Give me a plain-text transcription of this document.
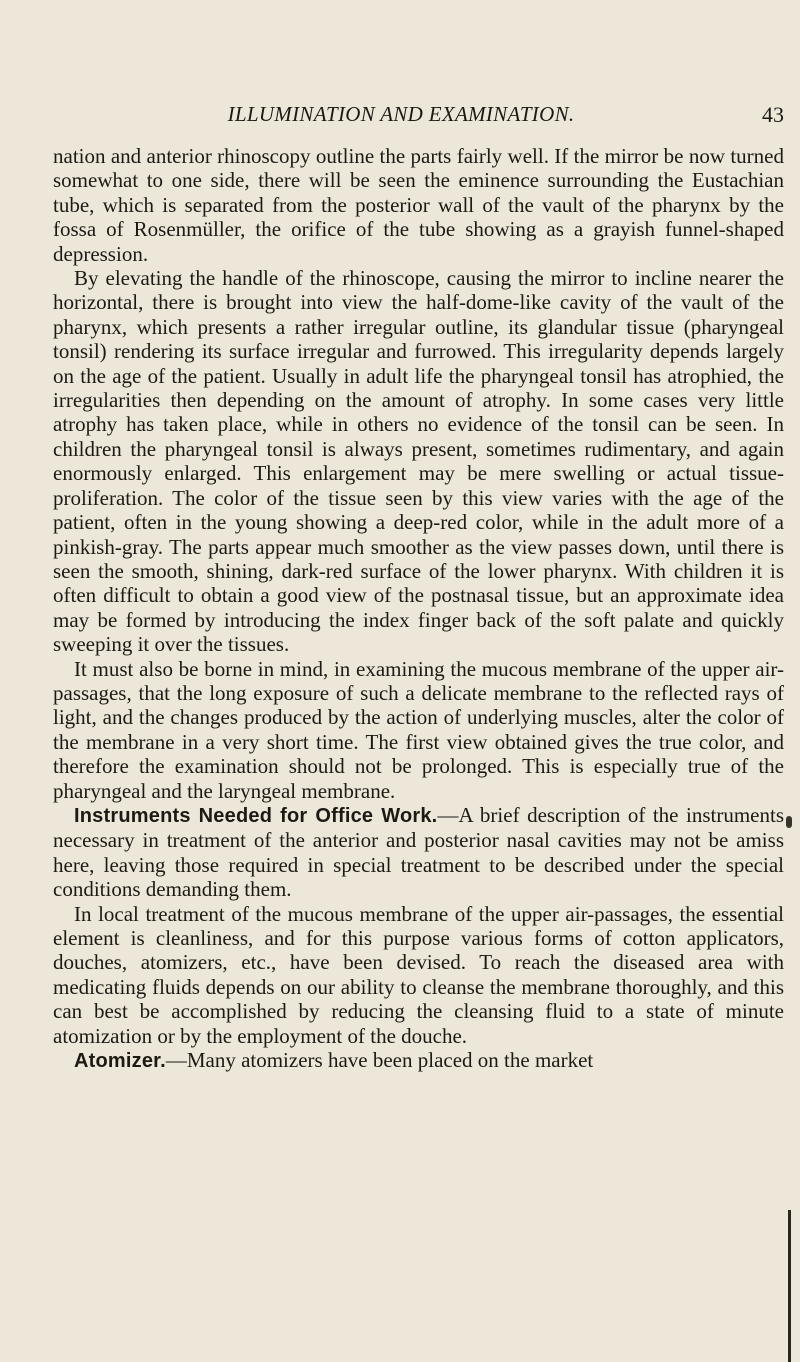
ILLUMINATION AND EXAMINATION.	43

nation and anterior rhinoscopy outline the parts fairly well. If the mirror be now turned somewhat to one side, there will be seen the eminence surrounding the Eustachian tube, which is separated from the posterior wall of the vault of the pharynx by the fossa of Rosenmüller, the orifice of the tube showing as a grayish funnel-shaped depression.

By elevating the handle of the rhinoscope, causing the mirror to incline nearer the horizontal, there is brought into view the half-dome-like cavity of the vault of the pharynx, which presents a rather irregular outline, its glandular tissue (pharyngeal tonsil) rendering its surface irregular and furrowed. This irregularity depends largely on the age of the patient. Usually in adult life the pharyngeal tonsil has atrophied, the irregularities then depending on the amount of atrophy. In some cases very little atrophy has taken place, while in others no evidence of the tonsil can be seen. In children the pharyngeal tonsil is always present, sometimes rudimentary, and again enormously enlarged. This enlargement may be mere swelling or actual tissue-proliferation. The color of the tissue seen by this view varies with the age of the patient, often in the young showing a deep-red color, while in the adult more of a pinkish-gray. The parts appear much smoother as the view passes down, until there is seen the smooth, shining, dark-red surface of the lower pharynx. With children it is often difficult to obtain a good view of the postnasal tissue, but an approximate idea may be formed by introducing the index finger back of the soft palate and quickly sweeping it over the tissues.

It must also be borne in mind, in examining the mucous membrane of the upper air-passages, that the long exposure of such a delicate membrane to the reflected rays of light, and the changes produced by the action of underlying muscles, alter the color of the membrane in a very short time. The first view obtained gives the true color, and therefore the examination should not be prolonged. This is especially true of the pharyngeal and the laryngeal membrane.

Instruments Needed for Office Work.—A brief description of the instruments necessary in treatment of the anterior and posterior nasal cavities may not be amiss here, leaving those required in special treatment to be described under the special conditions demanding them.

In local treatment of the mucous membrane of the upper air-passages, the essential element is cleanliness, and for this purpose various forms of cotton applicators, douches, atomizers, etc., have been devised. To reach the diseased area with medicating fluids depends on our ability to cleanse the membrane thoroughly, and this can best be accomplished by reducing the cleansing fluid to a state of minute atomization or by the employment of the douche.

Atomizer.—Many atomizers have been placed on the market
